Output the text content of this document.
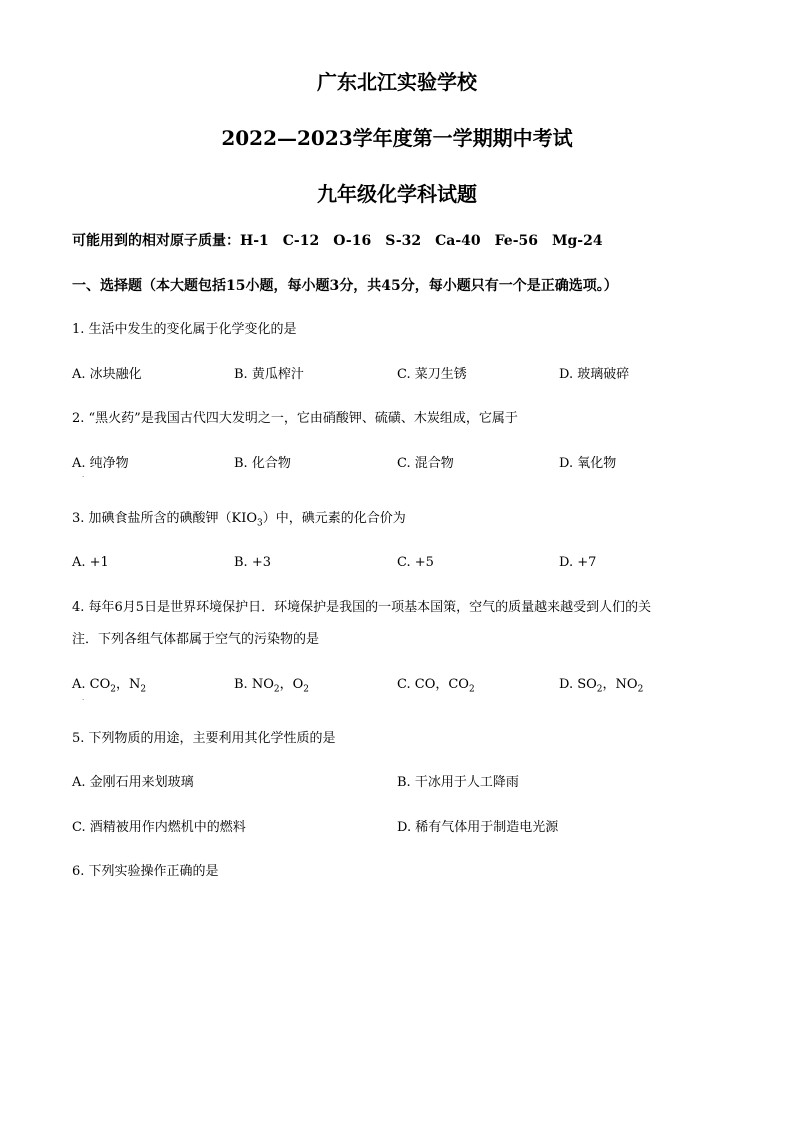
广东北江实验学校
2022—2023学年度第一学期期中考试
九年级化学科试题
可能用到的相对原子质量：H-1　C-12　O-16　S-32　Ca-40　Fe-56　Mg-24
一、选择题（本大题包括15小题，每小题3分，共45分，每小题只有一个是正确选项。）
1. 生活中发生的变化属于化学变化的是
A. 冰块融化	B. 黄瓜榨汁	C. 菜刀生锈	D. 玻璃破碎
2. “黑火药”是我国古代四大发明之一，它由硝酸钾、硫磺、木炭组成，它属于
A. 纯净物
·
B. 化合物	C. 混合物	D. 氧化物
3. 加碘食盐所含的碘酸钾$(KIO_3)$中，碘元素的化合价为
A. +1	B. +3	C. +5	D. +7
4. 每年6月5日是世界环境保护日．环境保护是我国的一项基本国策，空气的质量越来越受到人们的关
注．下列各组气体都属于空气的污染物的是
A. $CO_2$，$N_2$
·
B. $NO_2$，$O_2$	C. CO，$CO_2$	D. $SO_2$，$NO_2$
5. 下列物质的用途，主要利用其化学性质的是
A. 金刚石用来划玻璃	B. 干冰用于人工降雨
C. 酒精被用作内燃机中的燃料	D. 稀有气体用于制造电光源
6. 下列实验操作正确的是
